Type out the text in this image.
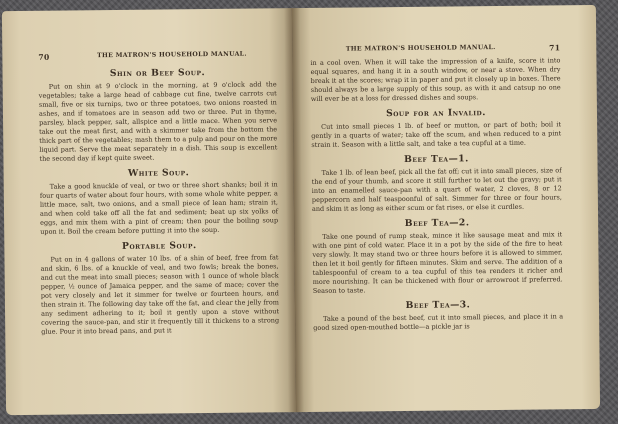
70	THE MATRON'S HOUSEHOLD MANUAL.
Shin or Beef Soup.

Put on shin at 9 o'clock in the morning, at 9 o'clock add the vegetables; take a large head of cabbage cut fine, twelve carrots cut small, five or six turnips, two or three potatoes, two onions roasted in ashes, and if tomatoes are in season add two or three. Put in thyme, parsley, black pepper, salt, allspice and a little mace. When you serve take out the meat first, and with a skimmer take from the bottom the thick part of the vegetables; mash them to a pulp and pour on the more liquid part. Serve the meat separately in a dish. This soup is excellent the second day if kept quite sweet.

White Soup.

Take a good knuckle of veal, or two or three short shanks; boil it in four quarts of water about four hours, with some whole white pepper, a little mace, salt, two onions, and a small piece of lean ham; strain it, and when cold take off all the fat and sediment; beat up six yolks of eggs, and mix them with a pint of cream; then pour the boiling soup upon it. Boil the cream before putting it into the soup.

Portable Soup.

Put on in 4 gallons of water 10 lbs. of a shin of beef, free from fat and skin, 6 lbs. of a knuckle of veal, and two fowls; break the bones, and cut the meat into small pieces; season with 1 ounce of whole black pepper, ½ ounce of Jamaica pepper, and the same of mace; cover the pot very closely and let it simmer for twelve or fourteen hours, and then strain it. The following day take off the fat, and clear the jelly from any sediment adhering to it; boil it gently upon a stove without covering the sauce-pan, and stir it frequently till it thickens to a strong glue. Pour it into bread pans, and put it

THE MATRON'S HOUSEHOLD MANUAL.	71

in a cool oven. When it will take the impression of a knife, score it into equal squares, and hang it in a south window, or near a stove. When dry break it at the scores; wrap it in paper and put it closely up in boxes. There should always be a large supply of this soup, as with it and catsup no one will ever be at a loss for dressed dishes and soups.

Soup for an Invalid.

Cut into small pieces 1 lb. of beef or mutton, or part of both; boil it gently in a quarts of water; take off the scum, and when reduced to a pint strain it. Season with a little salt, and take a tea cupful at a time.

Beef Tea—1.

Take 1 lb. of lean beef, pick all the fat off; cut it into small pieces, size of the end of your thumb, and score it still further to let out the gravy; put it into an enamelled sauce-pan with a quart of water, 2 cloves, 8 or 12 peppercorn and half teaspoonful of salt. Simmer for three or four hours, and skim it as long as either scum or fat rises, or else it curdles.

Beef Tea—2.

Take one pound of rump steak, mince it like sausage meat and mix it with one pint of cold water. Place it in a pot by the side of the fire to heat very slowly. It may stand two or three hours before it is allowed to simmer, then let it boil gently for fifteen minutes. Skim and serve. The addition of a tablespoonful of cream to a tea cupful of this tea renders it richer and more nourishing. It can be thickened with flour or arrowroot if preferred. Season to taste.

Beef Tea—3.

Take a pound of the best beef, cut it into small pieces, and place it in a good sized open-mouthed bottle—a pickle jar is
